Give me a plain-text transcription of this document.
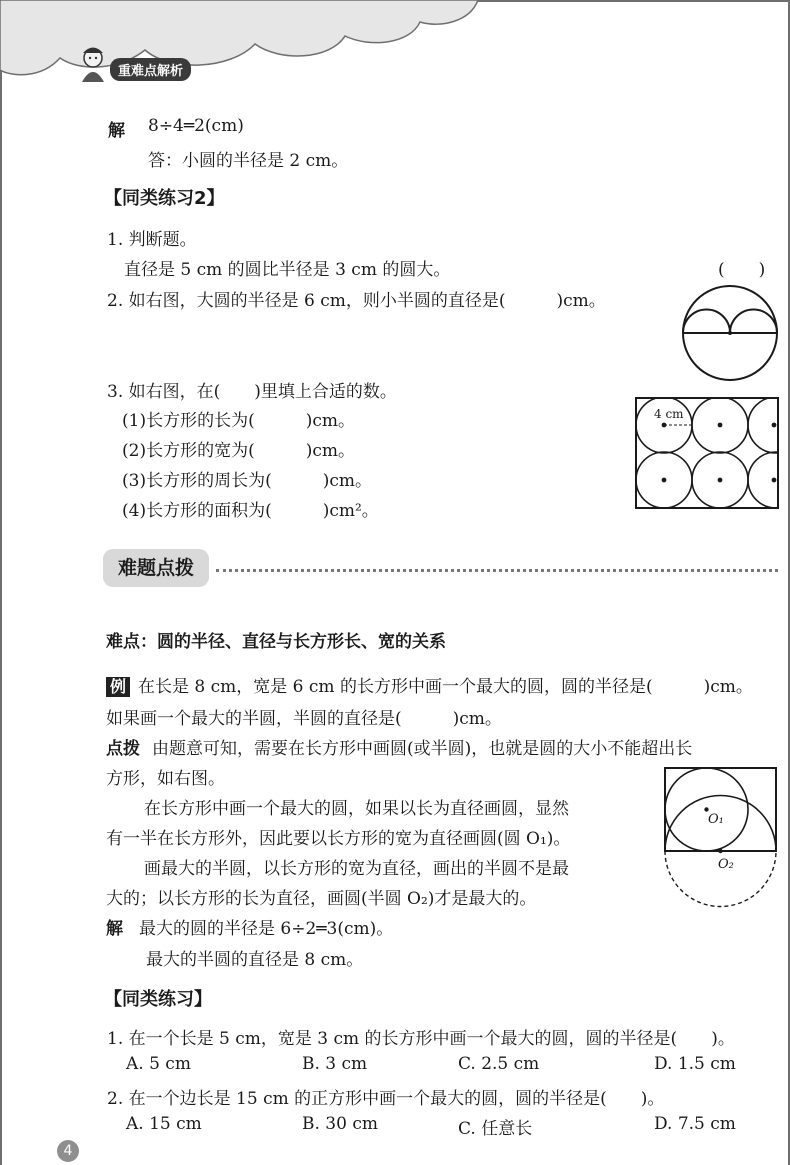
重难点解析
解 8÷4═2(cm)
答：小圆的半径是 2 cm。
【同类练习2】
1. 判断题。
直径是 5 cm 的圆比半径是 3 cm 的圆大。	(　　)
2. 如右图，大圆的半径是 6 cm，则小半圆的直径是(　　　)cm。
3. 如右图，在(　　)里填上合适的数。
(1)长方形的长为(　　　)cm。
(2)长方形的宽为(　　　)cm。
(3)长方形的周长为(　　　)cm。
(4)长方形的面积为(　　　)cm²。
4 cm
难题点拨
难点：圆的半径、直径与长方形长、宽的关系
例 在长是 8 cm，宽是 6 cm 的长方形中画一个最大的圆，圆的半径是(　　　)cm。
如果画一个最大的半圆，半圆的直径是(　　　)cm。
点拨 由题意可知，需要在长方形中画圆(或半圆)，也就是圆的大小不能超出长
方形，如右图。
在长方形中画一个最大的圆，如果以长为直径画圆，显然
有一半在长方形外，因此要以长方形的宽为直径画圆(圆 O₁)。
画最大的半圆，以长方形的宽为直径，画出的半圆不是最
大的；以长方形的长为直径，画圆(半圆 O₂)才是最大的。
解 最大的圆的半径是 6÷2═3(cm)。
最大的半圆的直径是 8 cm。
O₁
O₂
【同类练习】
1. 在一个长是 5 cm，宽是 3 cm 的长方形中画一个最大的圆，圆的半径是(　　)。
A. 5 cm	B. 3 cm	C. 2.5 cm	D. 1.5 cm
2. 在一个边长是 15 cm 的正方形中画一个最大的圆，圆的半径是(　　)。
A. 15 cm	B. 30 cm	C. 任意长	D. 7.5 cm
4
